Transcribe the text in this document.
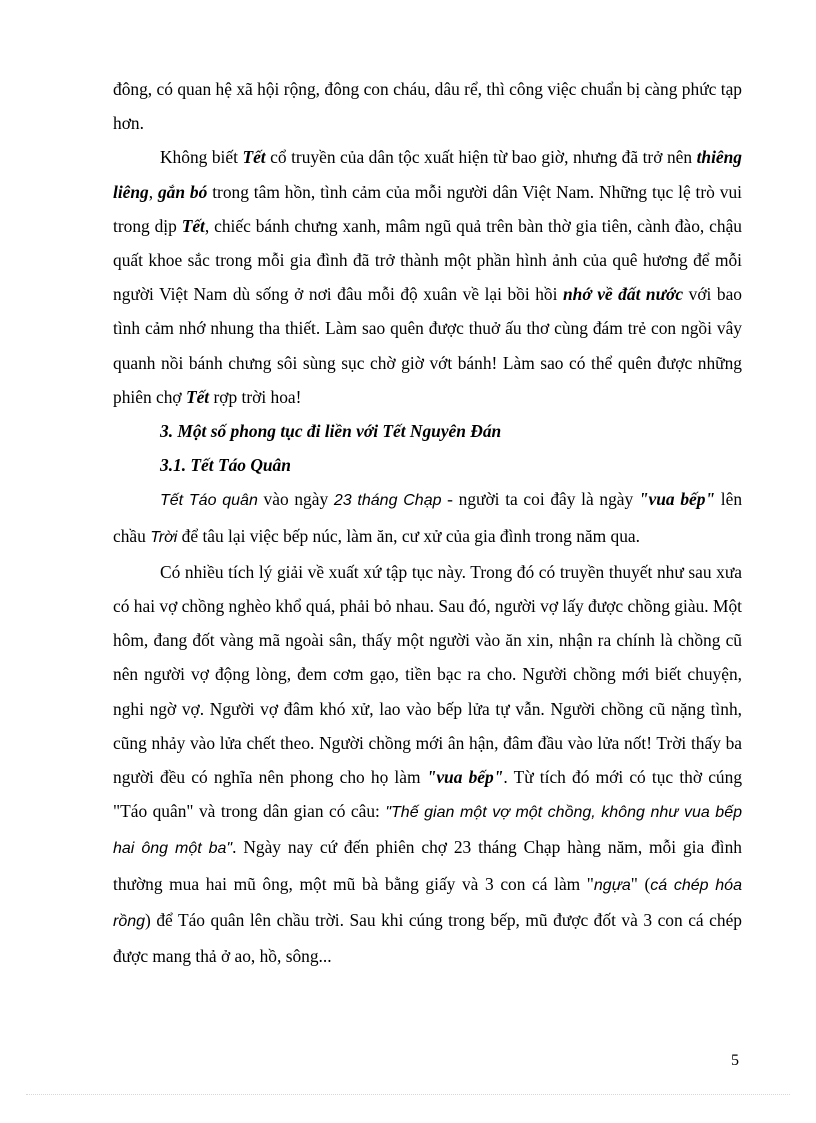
đông, có quan hệ xã hội rộng, đông con cháu, dâu rể, thì công việc chuẩn bị càng phức tạp hơn.

Không biết Tết cổ truyền của dân tộc xuất hiện từ bao giờ, nhưng đã trở nên thiêng liêng, gắn bó trong tâm hồn, tình cảm của mỗi người dân Việt Nam. Những tục lệ trò vui trong dịp Tết, chiếc bánh chưng xanh, mâm ngũ quả trên bàn thờ gia tiên, cành đào, chậu quất khoe sắc trong mỗi gia đình đã trở thành một phần hình ảnh của quê hương để mỗi người Việt Nam dù sống ở nơi đâu mỗi độ xuân về lại bồi hồi nhớ về đất nước với bao tình cảm nhớ nhung tha thiết. Làm sao quên được thuở ấu thơ cùng đám trẻ con ngồi vây quanh nồi bánh chưng sôi sùng sục chờ giờ vớt bánh! Làm sao có thể quên được những phiên chợ Tết rợp trời hoa!

3. Một số phong tục đi liền với Tết Nguyên Đán

3.1. Tết Táo Quân

Tết Táo quân vào ngày 23 tháng Chạp - người ta coi đây là ngày "vua bếp" lên chầu Trời để tâu lại việc bếp núc, làm ăn, cư xử của gia đình trong năm qua.

Có nhiều tích lý giải về xuất xứ tập tục này. Trong đó có truyền thuyết như sau xưa có hai vợ chồng nghèo khổ quá, phải bỏ nhau. Sau đó, người vợ lấy được chồng giàu. Một hôm, đang đốt vàng mã ngoài sân, thấy một người vào ăn xin, nhận ra chính là chồng cũ nên người vợ động lòng, đem cơm gạo, tiền bạc ra cho. Người chồng mới biết chuyện, nghi ngờ vợ. Người vợ đâm khó xử, lao vào bếp lửa tự vẫn. Người chồng cũ nặng tình, cũng nhảy vào lửa chết theo. Người chồng mới ân hận, đâm đầu vào lửa nốt! Trời thấy ba người đều có nghĩa nên phong cho họ làm "vua bếp". Từ tích đó mới có tục thờ cúng "Táo quân" và trong dân gian có câu: "Thế gian một vợ một chồng, không như vua bếp hai ông một ba". Ngày nay cứ đến phiên chợ 23 tháng Chạp hàng năm, mỗi gia đình thường mua hai mũ ông, một mũ bà bằng giấy và 3 con cá làm "ngựa" (cá chép hóa rồng) để Táo quân lên chầu trời. Sau khi cúng trong bếp, mũ được đốt và 3 con cá chép được mang thả ở ao, hồ, sông...

5
